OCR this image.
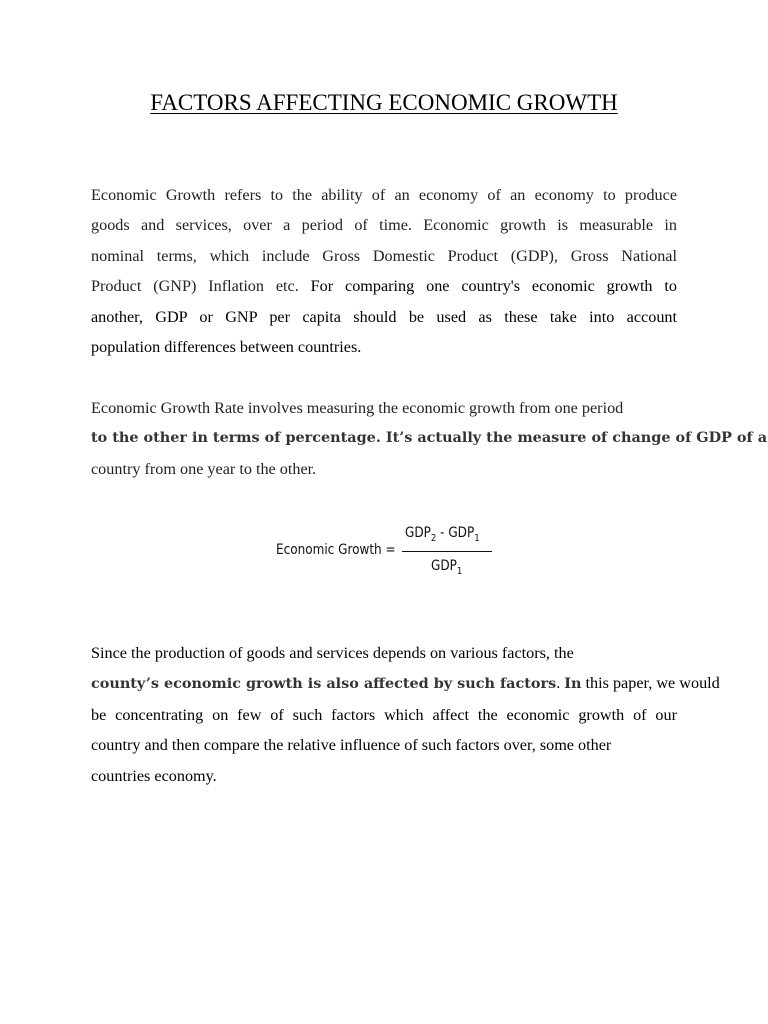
FACTORS AFFECTING ECONOMIC GROWTH

Economic Growth refers to the ability of an economy of an economy to produce
goods and services, over a period of time. Economic growth is measurable in
nominal terms, which include Gross Domestic Product (GDP), Gross National
Product (GNP) Inflation etc. For comparing one country's economic growth to
another, GDP or GNP per capita should be used as these take into account
population differences between countries.

Economic Growth Rate involves measuring the economic growth from one period
to the other in terms of percentage. It’s actually the measure of change of GDP of a
country from one year to the other.

Economic Growth =
$GDP_2 - GDP_1$
$GDP_1$

Since the production of goods and services depends on various factors, the
county’s economic growth is also affected by such factors. In this paper, we would
be concentrating on few of such factors which affect the economic growth of our
country and then compare the relative influence of such factors over, some other
countries economy.
